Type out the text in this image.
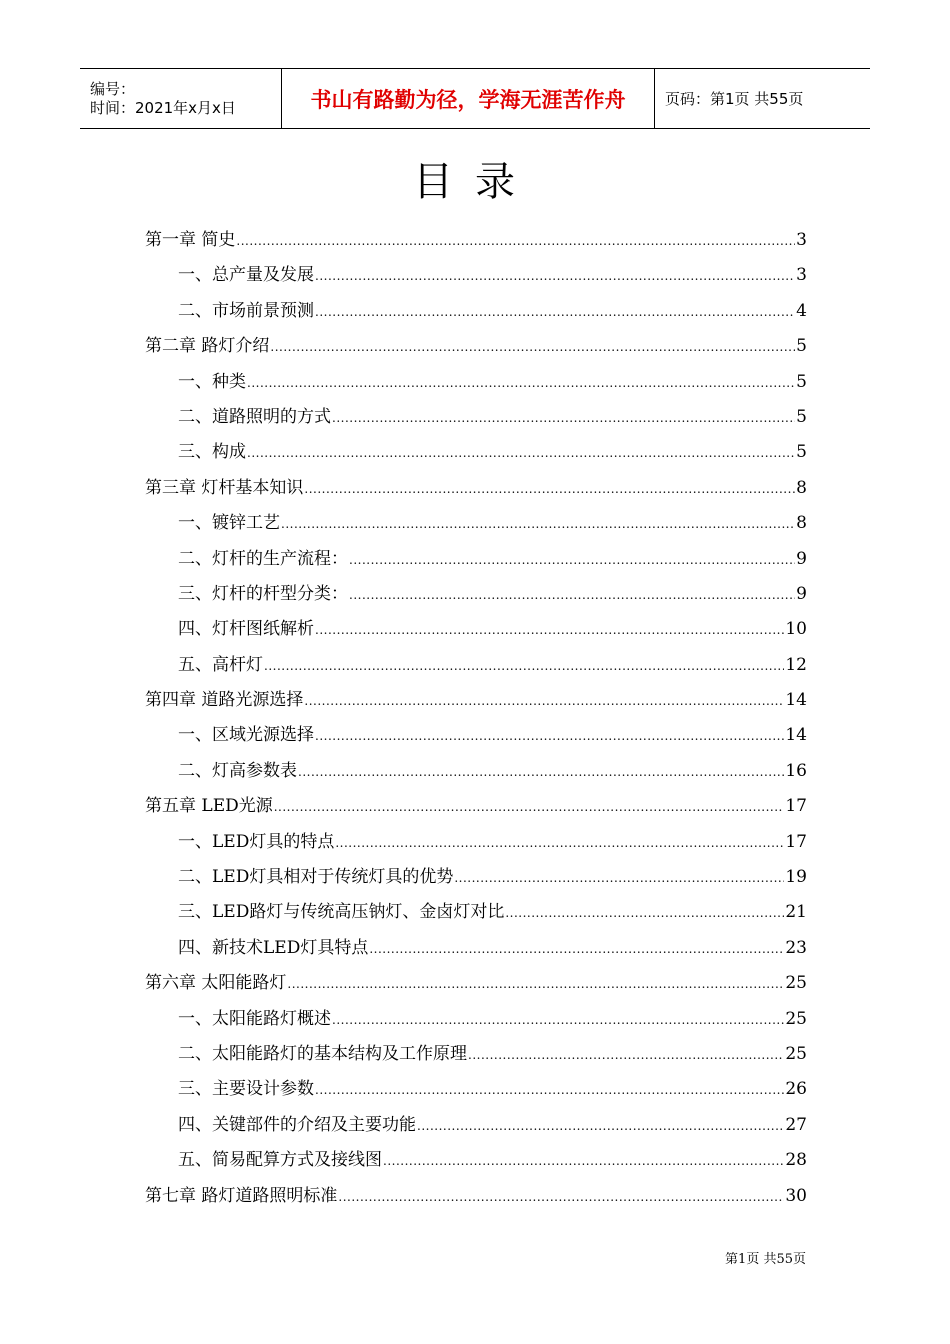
编号：
时间：2021年x月x日	书山有路勤为径，学海无涯苦作舟	页码：第1页 共55页
目录
第一章 简史 .....	3
一、总产量及发展 .....	3
二、市场前景预测 .....	4
第二章 路灯介绍 .....	5
一、种类 .....	5
二、道路照明的方式 .....	5
三、构成 .....	5
第三章 灯杆基本知识 .....	8
一、镀锌工艺 .....	8
二、灯杆的生产流程： .....	9
三、灯杆的杆型分类： .....	9
四、灯杆图纸解析 .....	10
五、高杆灯 .....	12
第四章 道路光源选择 .....	14
一、区域光源选择 .....	14
二、灯高参数表 .....	16
第五章 LED光源 .....	17
一、LED灯具的特点 .....	17
二、LED灯具相对于传统灯具的优势 .....	19
三、LED路灯与传统高压钠灯、金卤灯对比 .....	21
四、新技术LED灯具特点 .....	23
第六章 太阳能路灯 .....	25
一、太阳能路灯概述 .....	25
二、太阳能路灯的基本结构及工作原理 .....	25
三、主要设计参数 .....	26
四、关键部件的介绍及主要功能 .....	27
五、简易配算方式及接线图 .....	28
第七章 路灯道路照明标准 .....	30
第1页 共55页
